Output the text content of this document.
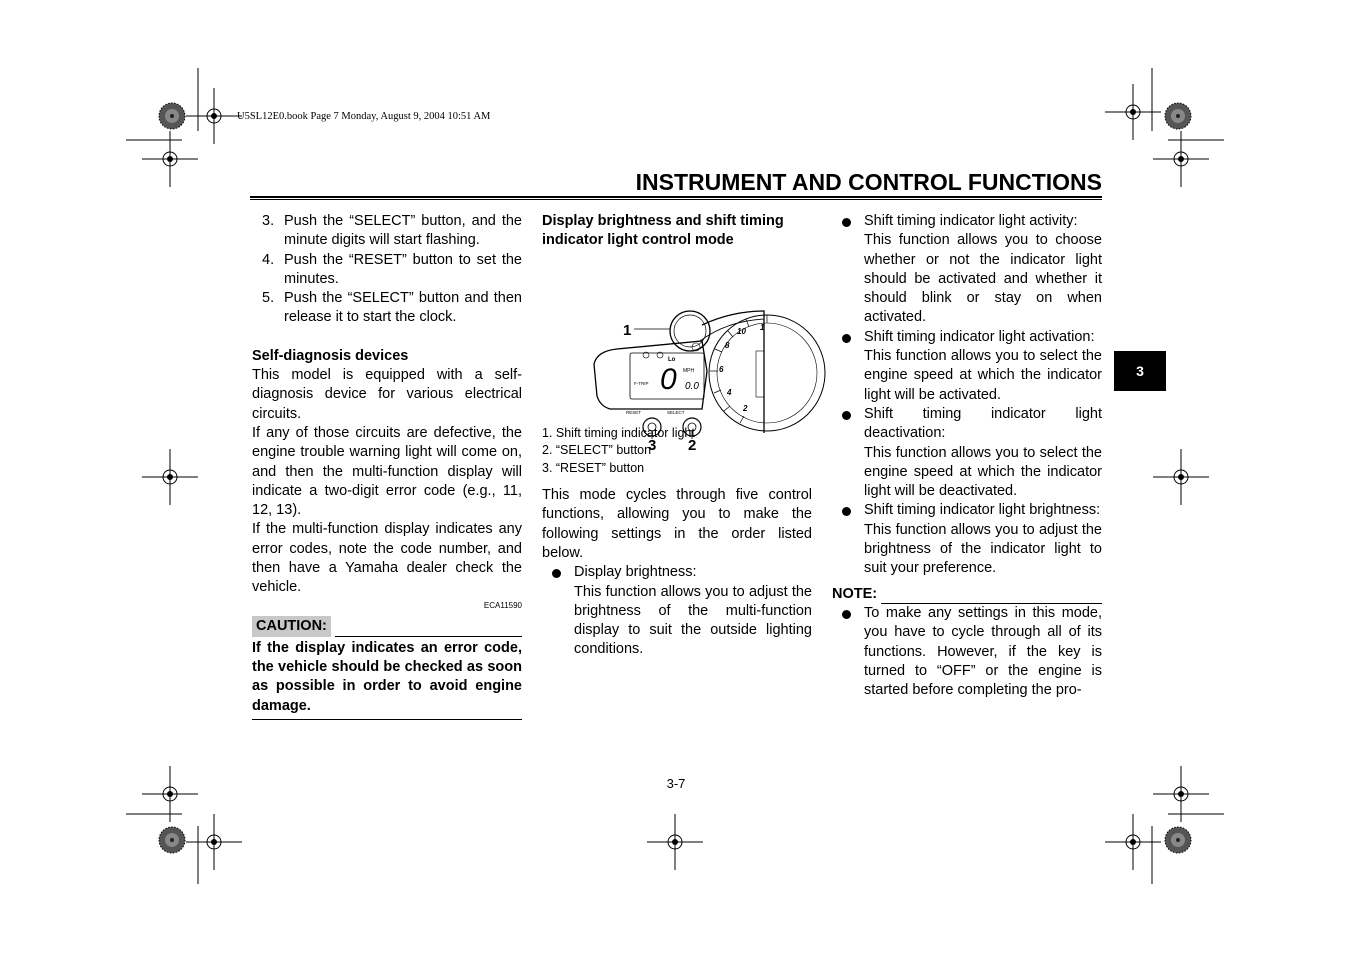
U5SL12E0.book Page 7 Monday, August 9, 2004 10:51 AM
INSTRUMENT AND CONTROL FUNCTIONS
3
3. Push the “SELECT” button, and the minute digits will start flashing.
4. Push the “RESET” button to set the minutes.
5. Push the “SELECT” button and then release it to start the clock.

Self-diagnosis devices

This model is equipped with a self-diagnosis device for various electrical circuits.

If any of those circuits are defective, the engine trouble warning light will come on, and then the multi-function display will indicate a two-digit error code (e.g., 11, 12, 13).

If the multi-function display indicates any error codes, note the code number, and then have a Yamaha dealer check the vehicle.

ECA11590
CAUTION:
If the display indicates an error code, the vehicle should be checked as soon as possible in order to avoid engine damage.

Display brightness and shift timing indicator light control mode

10 1
8
6
4
2
0 0.0
MPH
F-TRIP
Lo
RESET	SELECT
1
3 2
1. Shift timing indicator light
2. “SELECT” button
3. “RESET” button

This mode cycles through five control functions, allowing you to make the following settings in the order listed below.

Display brightness:
This function allows you to adjust the brightness of the multi-function display to suit the outside lighting conditions.
Shift timing indicator light activity:
This function allows you to choose whether or not the indicator light should be activated and whether it should blink or stay on when activated.
Shift timing indicator light activation:
This function allows you to select the engine speed at which the indicator light will be activated.
Shift timing indicator light deactivation:
This function allows you to select the engine speed at which the indicator light will be deactivated.
Shift timing indicator light brightness:
This function allows you to adjust the brightness of the indicator light to suit your preference.
NOTE:
To make any settings in this mode, you have to cycle through all of its functions. However, if the key is turned to “OFF” or the engine is started before completing the pro-
3-7
